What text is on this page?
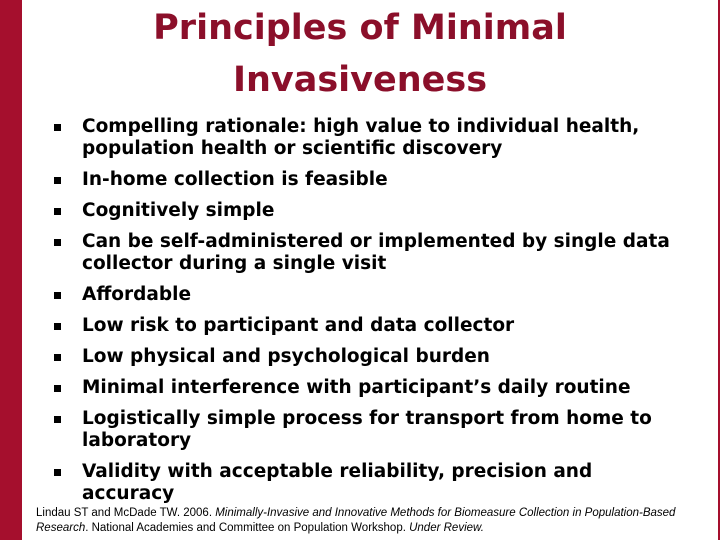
Principles of Minimal
Invasiveness
Compelling rationale: high value to individual health, population health or scientific discovery
In-home collection is feasible
Cognitively simple
Can be self-administered or implemented by single data collector during a single visit
Affordable
Low risk to participant and data collector
Low physical and psychological burden
Minimal interference with participant’s daily routine
Logistically simple process for transport from home to laboratory
Validity with acceptable reliability, precision and accuracy
Lindau ST and McDade TW. 2006. Minimally-Invasive and Innovative Methods for Biomeasure Collection in Population-Based Research. National Academies and Committee on Population Workshop. Under Review.
